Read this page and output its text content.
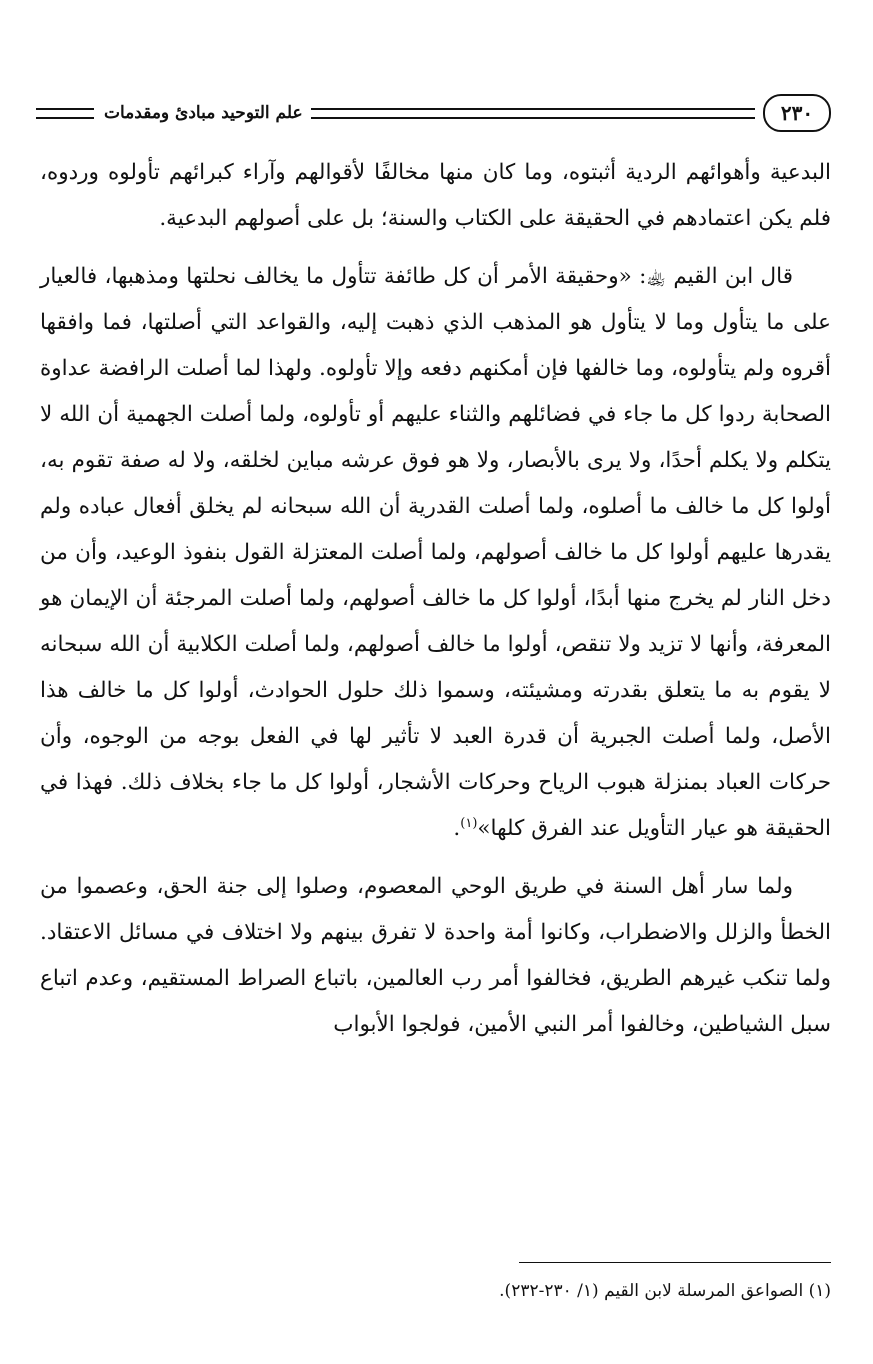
٢٣٠
علم التوحيد مبادئ ومقدمات

البدعية وأهوائهم الردية أثبتوه، وما كان منها مخالفًا لأقوالهم وآراء كبرائهم تأولوه وردوه، فلم يكن اعتمادهم في الحقيقة على الكتاب والسنة؛ بل على أصولهم البدعية.

قال ابن القيم ﵀: «وحقيقة الأمر أن كل طائفة تتأول ما يخالف نحلتها ومذهبها، فالعيار على ما يتأول وما لا يتأول هو المذهب الذي ذهبت إليه، والقواعد التي أصلتها، فما وافقها أقروه ولم يتأولوه، وما خالفها فإن أمكنهم دفعه وإلا تأولوه. ولهذا لما أصلت الرافضة عداوة الصحابة ردوا كل ما جاء في فضائلهم والثناء عليهم أو تأولوه، ولما أصلت الجهمية أن الله لا يتكلم ولا يكلم أحدًا، ولا يرى بالأبصار، ولا هو فوق عرشه مباين لخلقه، ولا له صفة تقوم به، أولوا كل ما خالف ما أصلوه، ولما أصلت القدرية أن الله سبحانه لم يخلق أفعال عباده ولم يقدرها عليهم أولوا كل ما خالف أصولهم، ولما أصلت المعتزلة القول بنفوذ الوعيد، وأن من دخل النار لم يخرج منها أبدًا، أولوا كل ما خالف أصولهم، ولما أصلت المرجئة أن الإيمان هو المعرفة، وأنها لا تزيد ولا تنقص، أولوا ما خالف أصولهم، ولما أصلت الكلابية أن الله سبحانه لا يقوم به ما يتعلق بقدرته ومشيئته، وسموا ذلك حلول الحوادث، أولوا كل ما خالف هذا الأصل، ولما أصلت الجبرية أن قدرة العبد لا تأثير لها في الفعل بوجه من الوجوه، وأن حركات العباد بمنزلة هبوب الرياح وحركات الأشجار، أولوا كل ما جاء بخلاف ذلك. فهذا في الحقيقة هو عيار التأويل عند الفرق كلها»$^{(١)}$.

ولما سار أهل السنة في طريق الوحي المعصوم، وصلوا إلى جنة الحق، وعصموا من الخطأ والزلل والاضطراب، وكانوا أمة واحدة لا تفرق بينهم ولا اختلاف في مسائل الاعتقاد. ولما تنكب غيرهم الطريق، فخالفوا أمر رب العالمين، باتباع الصراط المستقيم، وعدم اتباع سبل الشياطين، وخالفوا أمر النبي الأمين، فولجوا الأبواب

(١) الصواعق المرسلة لابن القيم (١/ ٢٣٠-٢٣٢).
